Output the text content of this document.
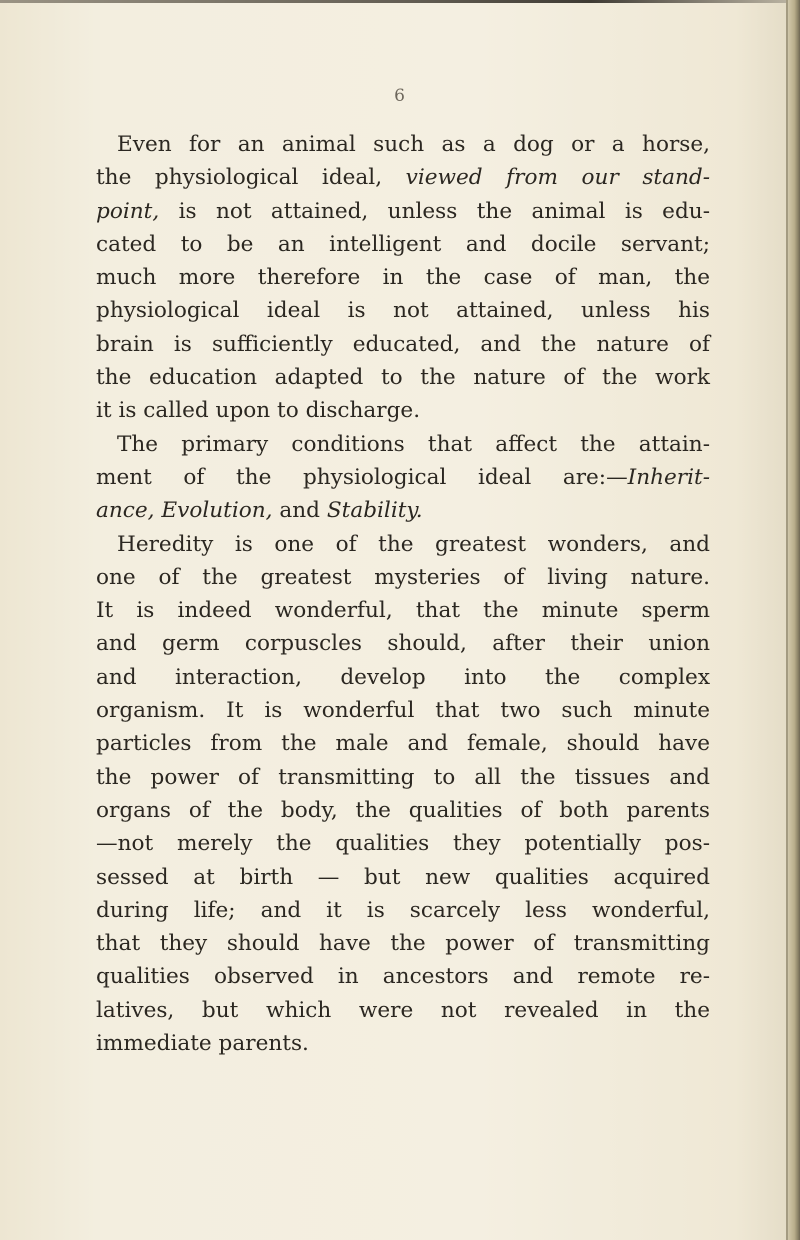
6
Even for an animal such as a dog or a horse,
the physiological ideal, viewed from our stand-
point, is not attained, unless the animal is edu-
cated to be an intelligent and docile servant;
much more therefore in the case of man, the
physiological ideal is not attained, unless his
brain is sufficiently educated, and the nature of
the education adapted to the nature of the work
it is called upon to discharge.
The primary conditions that affect the attain-
ment of the physiological ideal are:—Inherit-
ance, Evolution, and Stability.
Heredity is one of the greatest wonders, and
one of the greatest mysteries of living nature.
It is indeed wonderful, that the minute sperm
and germ corpuscles should, after their union
and interaction, develop into the complex
organism. It is wonderful that two such minute
particles from the male and female, should have
the power of transmitting to all the tissues and
organs of the body, the qualities of both parents
—not merely the qualities they potentially pos-
sessed at birth — but new qualities acquired
during life; and it is scarcely less wonderful,
that they should have the power of transmitting
qualities observed in ancestors and remote re-
latives, but which were not revealed in the
immediate parents.
